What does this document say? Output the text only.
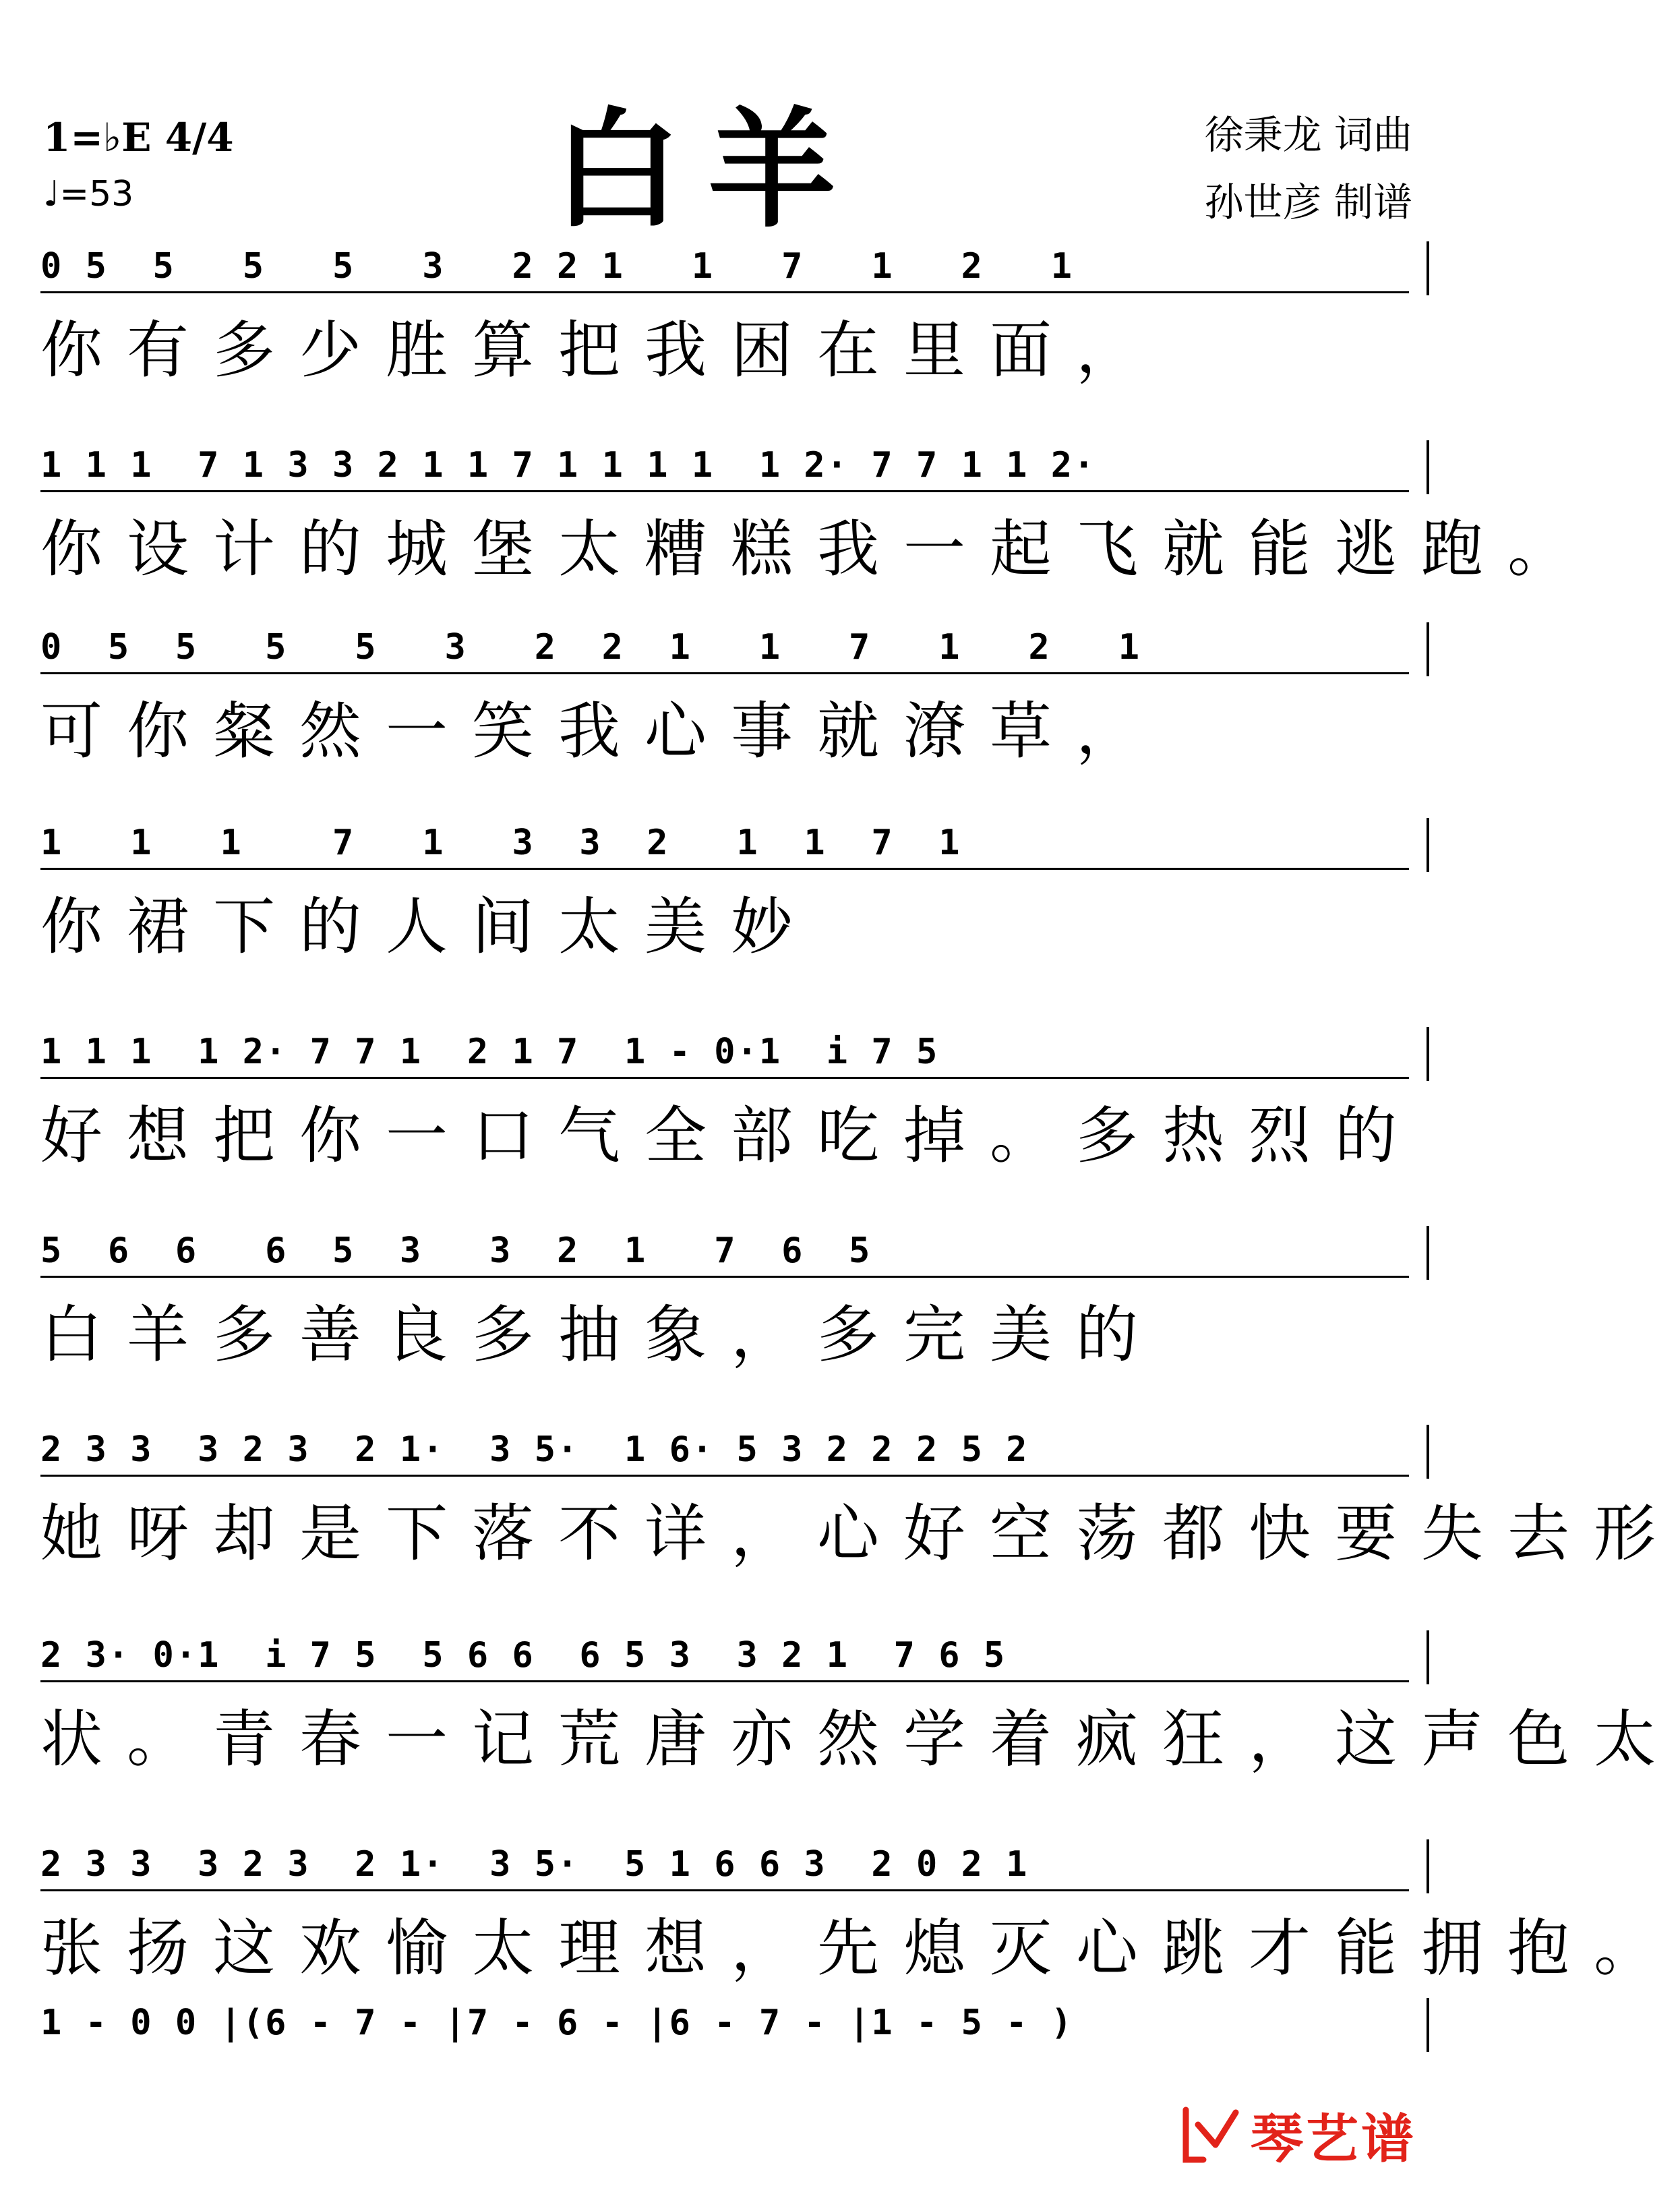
1=♭E 4/4
♩=53	白羊	徐秉龙 词曲
孙世彦 制谱
0 5  5   5   5   3   2 2 1   1   7   1   2   1
你有多少胜算把我困在里面，
1 1 1  7 1 3 3 2 1 1 7 1 1 1 1  1 2· 7 7 1 1 2·
你设计的城堡太糟糕我一起飞就能逃跑。
0  5  5   5   5   3   2  2  1   1   7   1   2   1
可你粲然一笑我心事就潦草，
1   1   1    7   1   3  3  2   1  1  7  1
你裙下的人间太美妙
1 1 1  1 2· 7 7 1  2 1 7  1 - 0·1  i 7 5
好想把你一口气全部吃掉。多热烈的
5  6  6   6  5  3   3  2  1   7  6  5
白羊多善良多抽象，多完美的
2 3 3  3 2 3  2 1·  3 5·  1 6· 5 3 2 2 2 5 2
她呀却是下落不详，心好空荡都快要失去形
2 3· 0·1  i 7 5  5 6 6  6 5 3  3 2 1  7 6 5
状。青春一记荒唐亦然学着疯狂，这声色太
2 3 3  3 2 3  2 1·  3 5·  5 1 6 6 3  2 0 2 1
张扬这欢愉太理想，先熄灭心跳才能拥抱。
1 - 0 0 |(6 - 7 - |7 - 6 - |6 - 7 - |1 - 5 - )
琴艺谱
